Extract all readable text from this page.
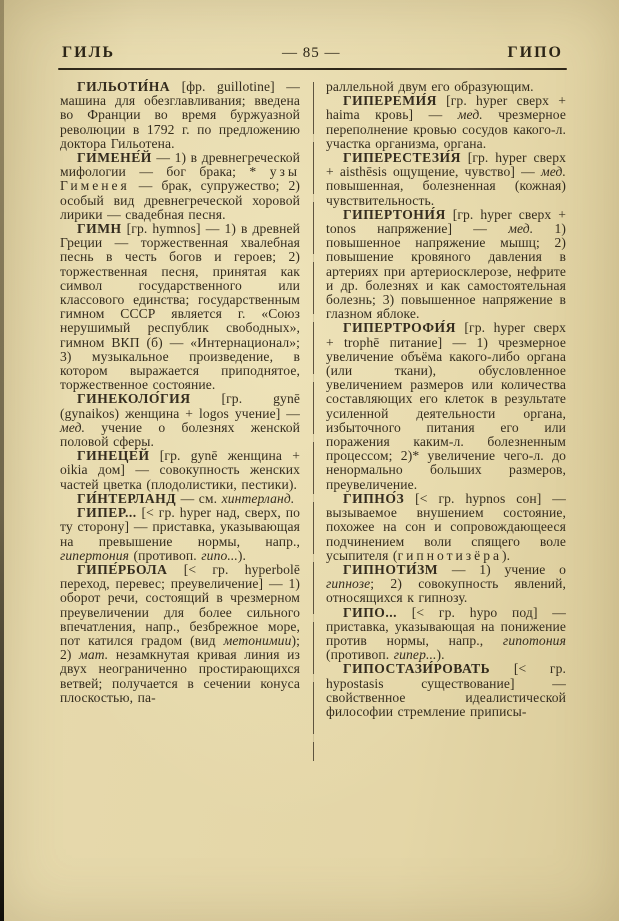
ГИЛЬ	— 85 —	ГИПО

ГИЛЬОТИ́НА [фр. guillotine] — машина для обезглавливания; введена во Франции во время буржуазной революции в 1792 г. по предложению доктора Гильотена.

ГИМЕНЕ́Й — 1) в древнегреческой мифологии — бог брака; * узы Гименея — брак, супружество; 2) особый вид древнегреческой хоровой лирики — свадебная песня.

ГИМН [гр. hymnos] — 1) в древней Греции — торжественная хвалебная песнь в честь богов и героев; 2) торжественная песня, принятая как символ государственного или классового единства; государственным гимном СССР является г. «Союз нерушимый республик свободных», гимном ВКП (б) — «Интернационал»; 3) музыкальное произведение, в котором выражается приподнятое, торжественное состояние.

ГИНЕКОЛО́ГИЯ [гр. gynē (gynaikos) женщина + logos учение] — мед. учение о болезнях женской половой сферы.

ГИНЕЦЕ́Й [гр. gynē женщина + oikia дом] — совокупность женских частей цветка (плодолистики, пестики).

ГИ́НТЕРЛАНД — см. хинтерланд.

ГИПЕР... [< гр. hyper над, сверх, по ту сторону] — приставка, указывающая на превышение нормы, напр., гипертония (противоп. гипо...).

ГИПЕ́РБОЛА [< гр. hyperbolē переход, перевес; преувеличение] — 1) оборот речи, состоящий в чрезмерном преувеличении для более сильного впечатления, напр., безбрежное море, пот катился градом (вид метонимии); 2) мат. незамкнутая кривая линия из двух неограниченно простирающихся ветвей; получается в сечении конуса плоскостью, па-

раллельной двум его образующим.

ГИПЕРЕМИ́Я [гр. hyper сверх + haima кровь] — мед. чрезмерное переполнение кровью сосудов какого-л. участка организма, органа.

ГИПЕРЕСТЕЗИ́Я [гр. hyper сверх + aisthēsis ощущение, чувство] — мед. повышенная, болезненная (кожная) чувствительность.

ГИПЕРТОНИ́Я [гр. hyper сверх + tonos напряжение] — мед. 1) повышенное напряжение мышц; 2) повышение кровяного давления в артериях при артериосклерозе, нефрите и др. болезнях и как самостоятельная болезнь; 3) повышенное напряжение в глазном яблоке.

ГИПЕРТРОФИ́Я [гр. hyper сверх + trophē питание] — 1) чрезмерное увеличение объёма какого-либо органа (или ткани), обусловленное увеличением размеров или количества составляющих его клеток в результате усиленной деятельности органа, избыточного питания его или поражения каким-л. болезненным процессом; 2)* увеличение чего-л. до ненормально больших размеров, преувеличение.

ГИПНО́З [< гр. hypnos сон] — вызываемое внушением состояние, похожее на сон и сопровождающееся подчинением воли спящего воле усыпителя (гипнотизёра).

ГИПНОТИ́ЗМ — 1) учение о гипнозе; 2) совокупность явлений, относящихся к гипнозу.

ГИПО... [< гр. hypo под] — приставка, указывающая на понижение против нормы, напр., гипотония (противоп. гипер...).

ГИПОСТАЗИ́РОВАТЬ [< гр. hypostasis существование] — свойственное идеалистической философии стремление приписы-
